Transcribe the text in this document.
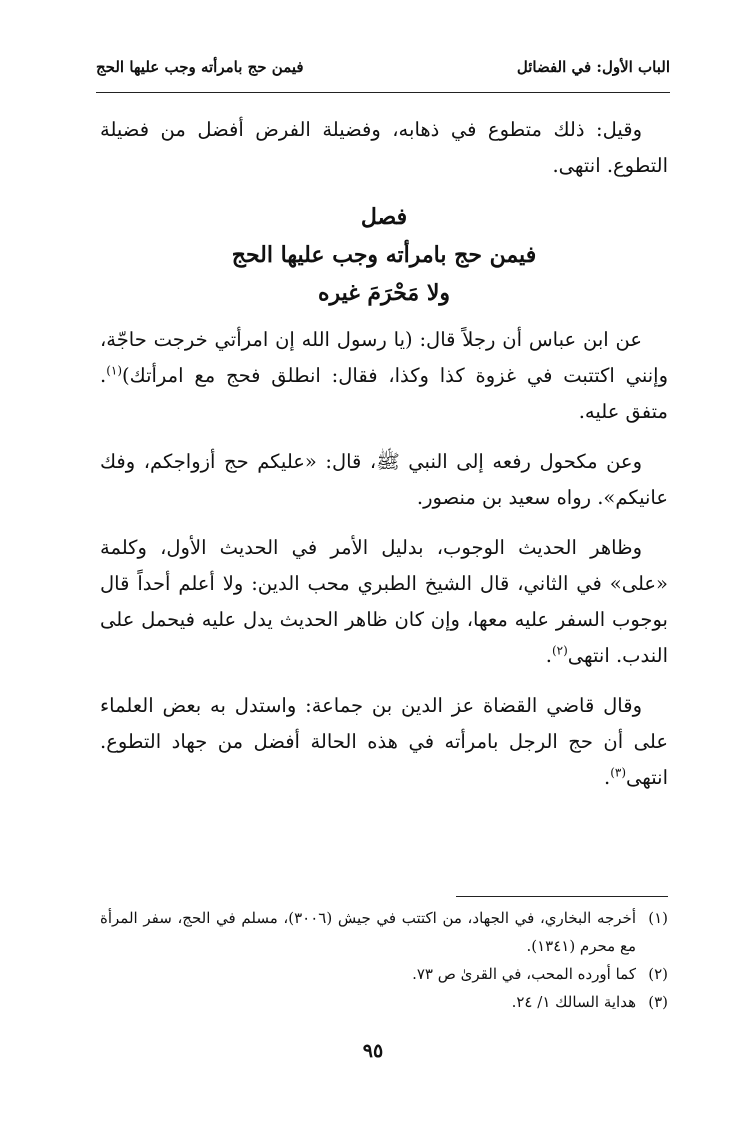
الباب الأول: في الفضائل
فيمن حج بامرأته وجب عليها الحج

وقيل: ذلك متطوع في ذهابه، وفضيلة الفرض أفضل من فضيلة التطوع. انتهى.

فصل
فيمن حج بامرأته وجب عليها الحج
ولا مَحْرَمَ غيره

عن ابن عباس أن رجلاً قال: (يا رسول الله إن امرأتي خرجت حاجّة، وإنني اكتتبت في غزوة كذا وكذا، فقال: انطلق فحج مع امرأتك)$^{(١)}$. متفق عليه.

وعن مكحول رفعه إلى النبي ﷺ، قال: «عليكم حج أزواجكم، وفك عانيكم». رواه سعيد بن منصور.

وظاهر الحديث الوجوب، بدليل الأمر في الحديث الأول، وكلمة «على» في الثاني، قال الشيخ الطبري محب الدين: ولا أعلم أحداً قال بوجوب السفر عليه معها، وإن كان ظاهر الحديث يدل عليه فيحمل على الندب. انتهى$^{(٢)}$.

وقال قاضي القضاة عز الدين بن جماعة: واستدل به بعض العلماء على أن حج الرجل بامرأته في هذه الحالة أفضل من جهاد التطوع. انتهى$^{(٣)}$.

(١)
أخرجه البخاري، في الجهاد، من اكتتب في جيش (٣٠٠٦)، مسلم في الحج، سفر المرأة مع محرم (١٣٤١).
(٢)
كما أورده المحب، في القرىٰ ص ٧٣.
(٣)
هداية السالك ١/ ٢٤.
٩٥
